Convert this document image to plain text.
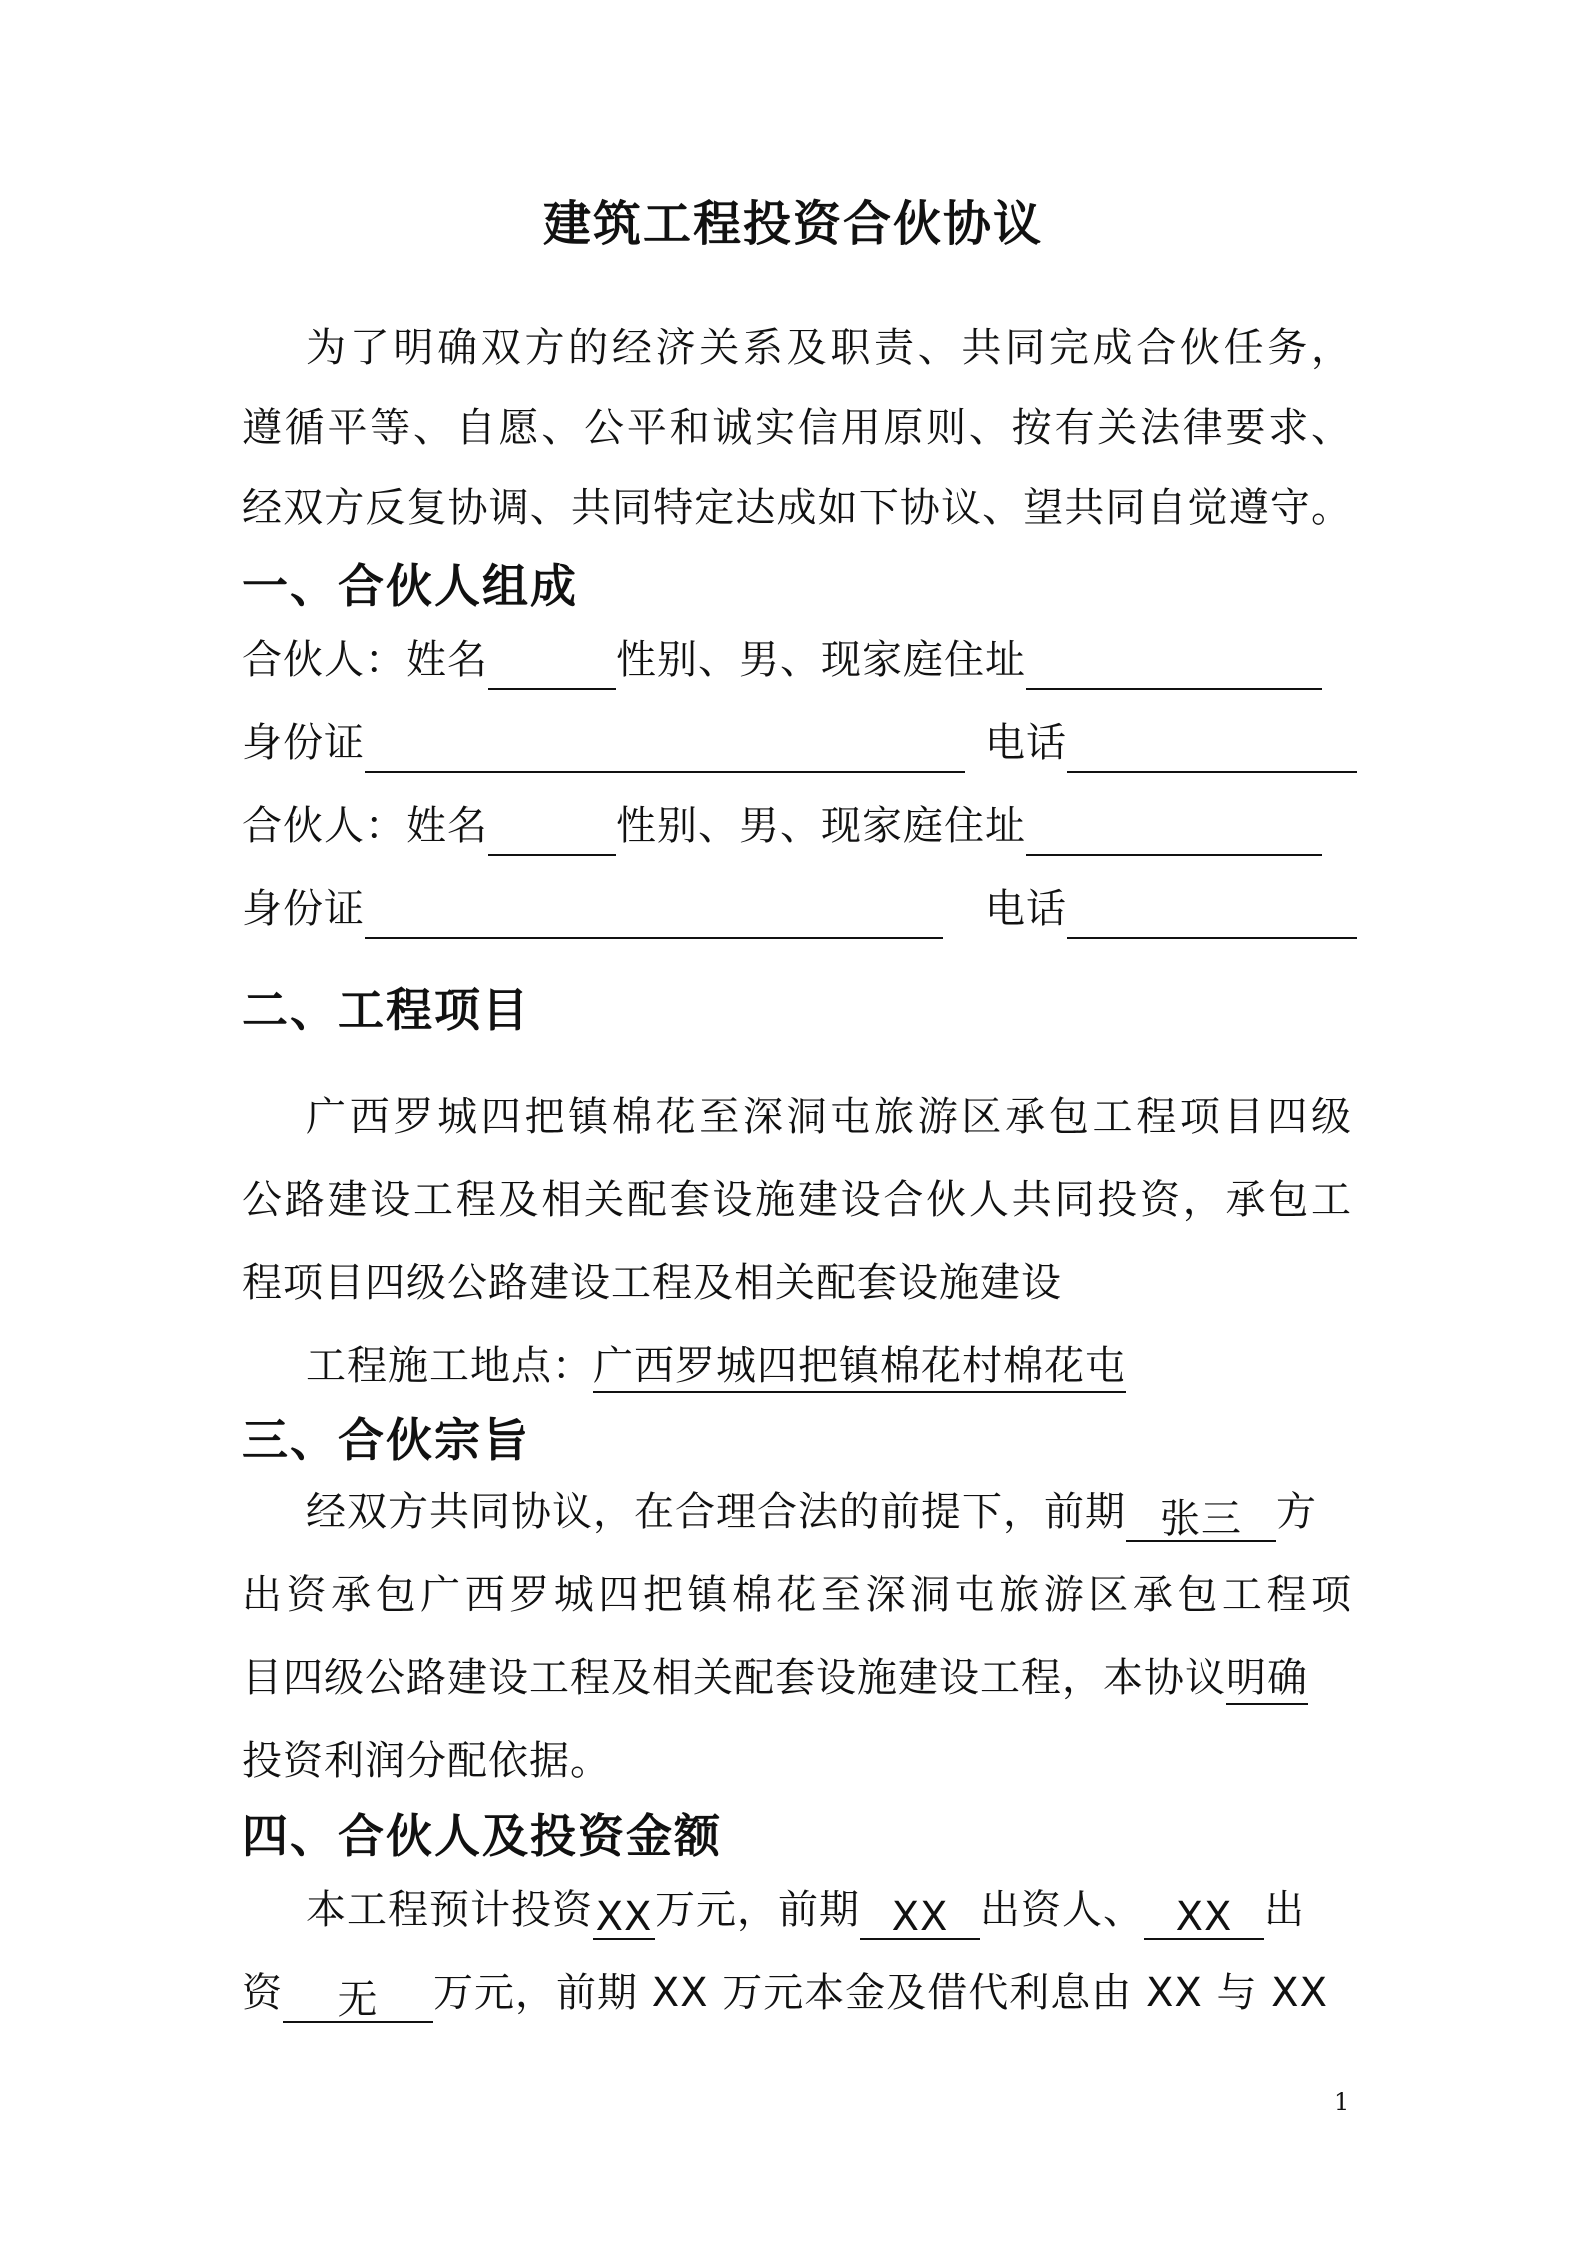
建筑工程投资合伙协议
为了明确双方的经济关系及职责、共同完成合伙任务，
遵循平等、自愿、公平和诚实信用原则、按有关法律要求、
经双方反复协调、共同特定达成如下协议、望共同自觉遵守。
一、合伙人组成
合伙人：姓名	性别、男、现家庭住址
身份证	电话
合伙人：姓名	性别、男、现家庭住址
身份证	电话
二、工程项目
广西罗城四把镇棉花至深洞屯旅游区承包工程项目四级
公路建设工程及相关配套设施建设合伙人共同投资，承包工
程项目四级公路建设工程及相关配套设施建设
工程施工地点：广西罗城四把镇棉花村棉花屯
三、合伙宗旨
经双方共同协议，在合理合法的前提下，前期 张三 方
出资承包广西罗城四把镇棉花至深洞屯旅游区承包工程项
目四级公路建设工程及相关配套设施建设工程，本协议明确
投资利润分配依据。
四、合伙人及投资金额
本工程预计投资XX万元，前期 XX 出资人、 XX 出
资 无 万元，前期 XX 万元本金及借代利息由 XX 与 XX
1
